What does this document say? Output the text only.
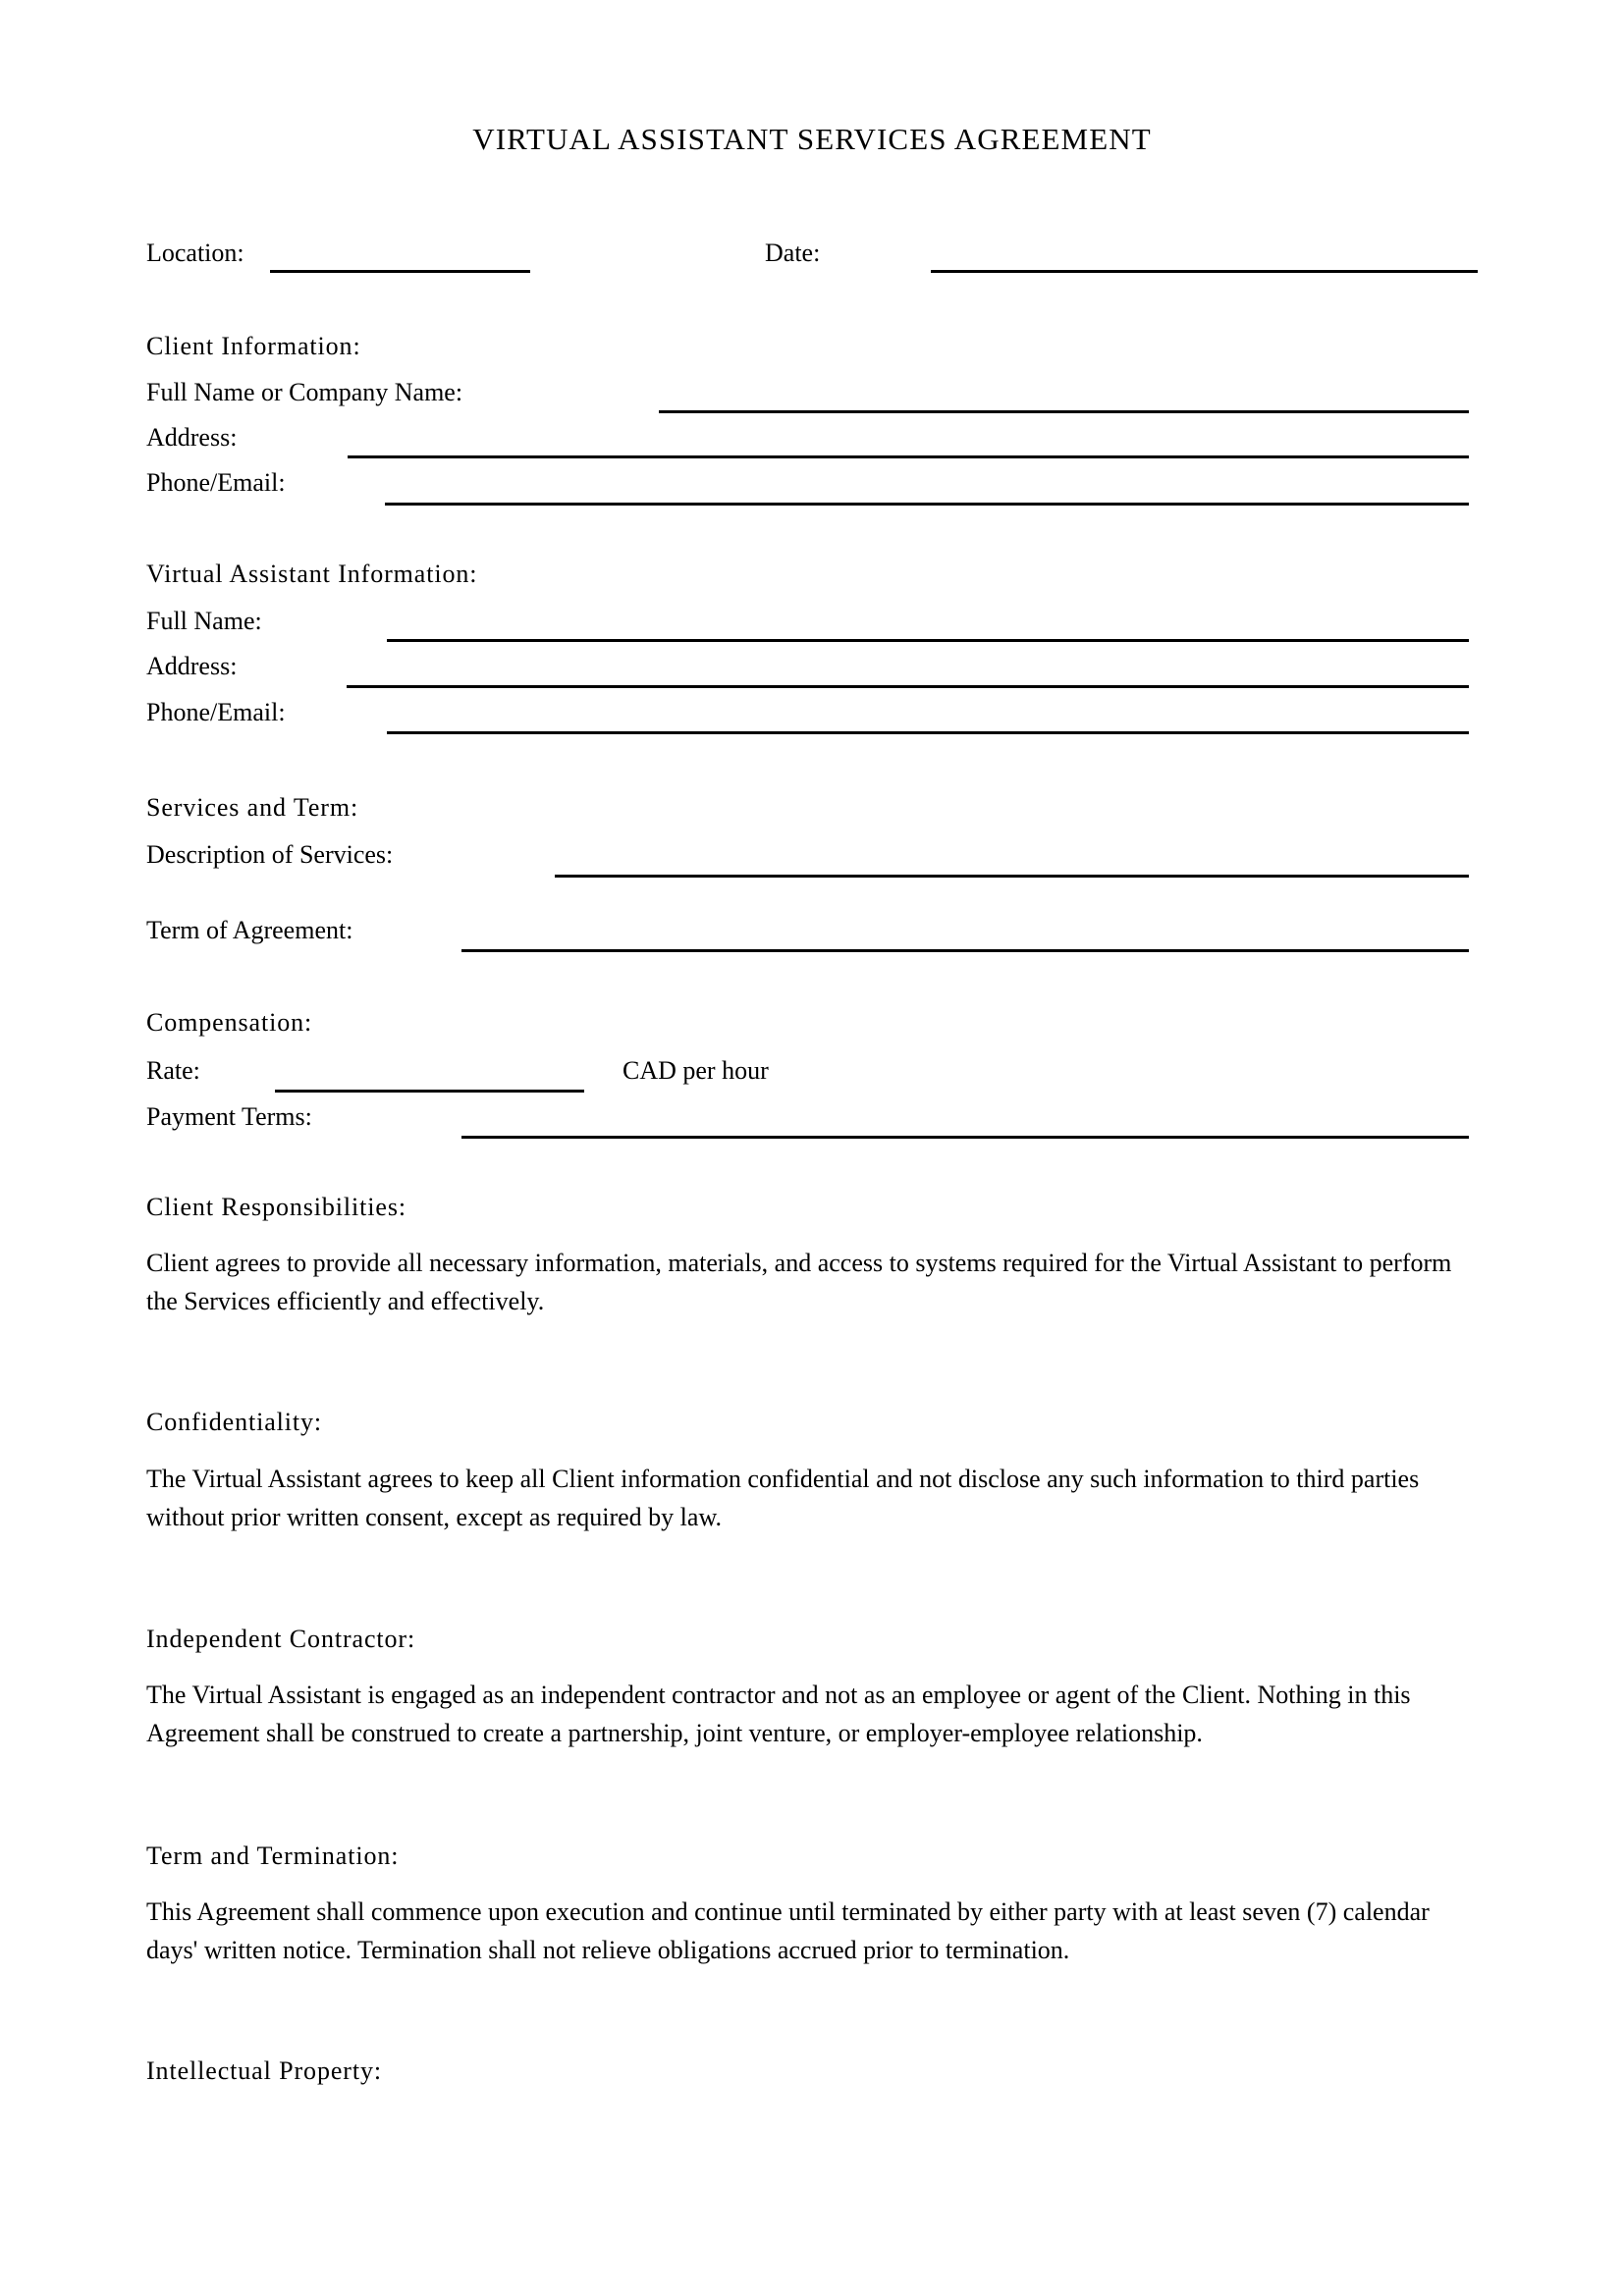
VIRTUAL ASSISTANT SERVICES AGREEMENT
Location:	Date:
Client Information:
Full Name or Company Name:
Address:
Phone/Email:
Virtual Assistant Information:
Full Name:
Address:
Phone/Email:
Services and Term:
Description of Services:
Term of Agreement:
Compensation:
Rate:	CAD per hour
Payment Terms:
Client Responsibilities:
Client agrees to provide all necessary information, materials, and access to systems required for the Virtual Assistant to perform the Services efficiently and effectively.
Confidentiality:
The Virtual Assistant agrees to keep all Client information confidential and not disclose any such information to third parties without prior written consent, except as required by law.
Independent Contractor:
The Virtual Assistant is engaged as an independent contractor and not as an employee or agent of the Client. Nothing in this Agreement shall be construed to create a partnership, joint venture, or employer-employee relationship.
Term and Termination:
This Agreement shall commence upon execution and continue until terminated by either party with at least seven (7) calendar days' written notice. Termination shall not relieve obligations accrued prior to termination.
Intellectual Property:
